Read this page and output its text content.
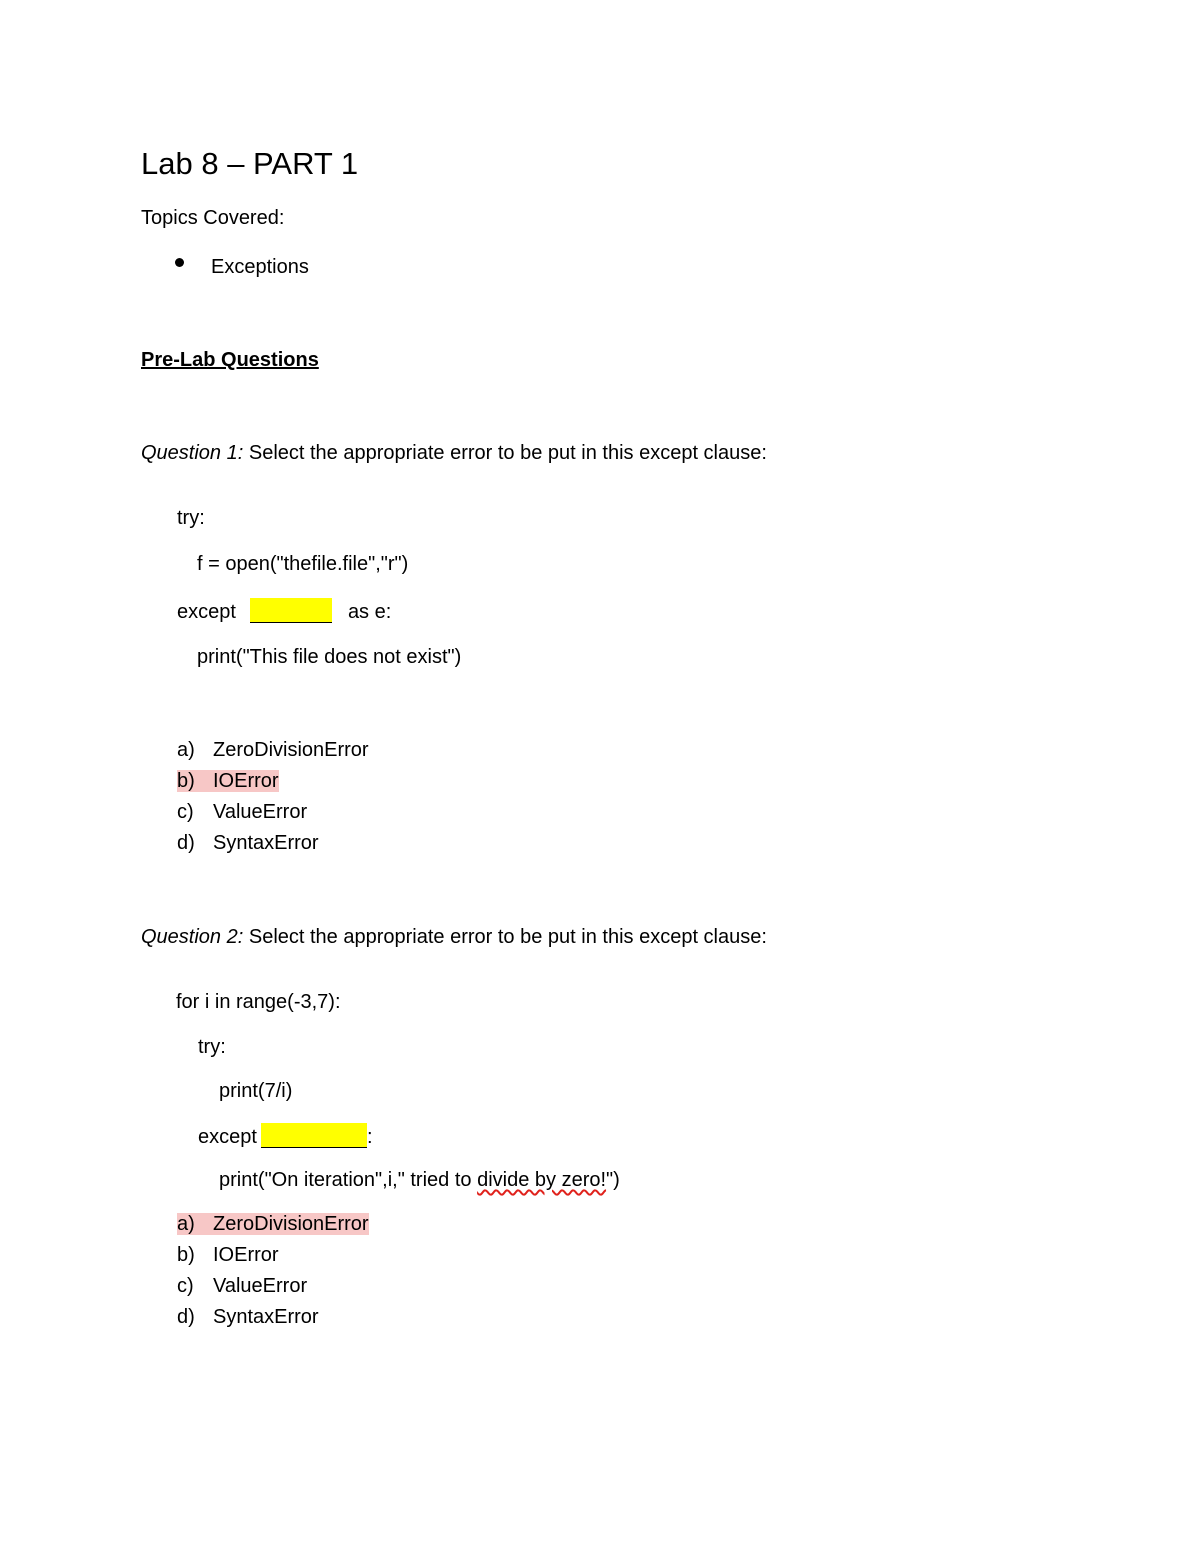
Lab 8 – PART 1
Topics Covered:
Exceptions
Pre-Lab Questions
Question 1: Select the appropriate error to be put in this except clause:
try:
f = open("thefile.file","r")
except	as e:
print("This file does not exist")
a) ZeroDivisionError
b) IOError
c) ValueError
d) SyntaxError
Question 2: Select the appropriate error to be put in this except clause:
for i in range(-3,7):
try:
print(7/i)
except	:
print("On iteration",i," tried to divide by zero!")
a) ZeroDivisionError
b) IOError
c) ValueError
d) SyntaxError
